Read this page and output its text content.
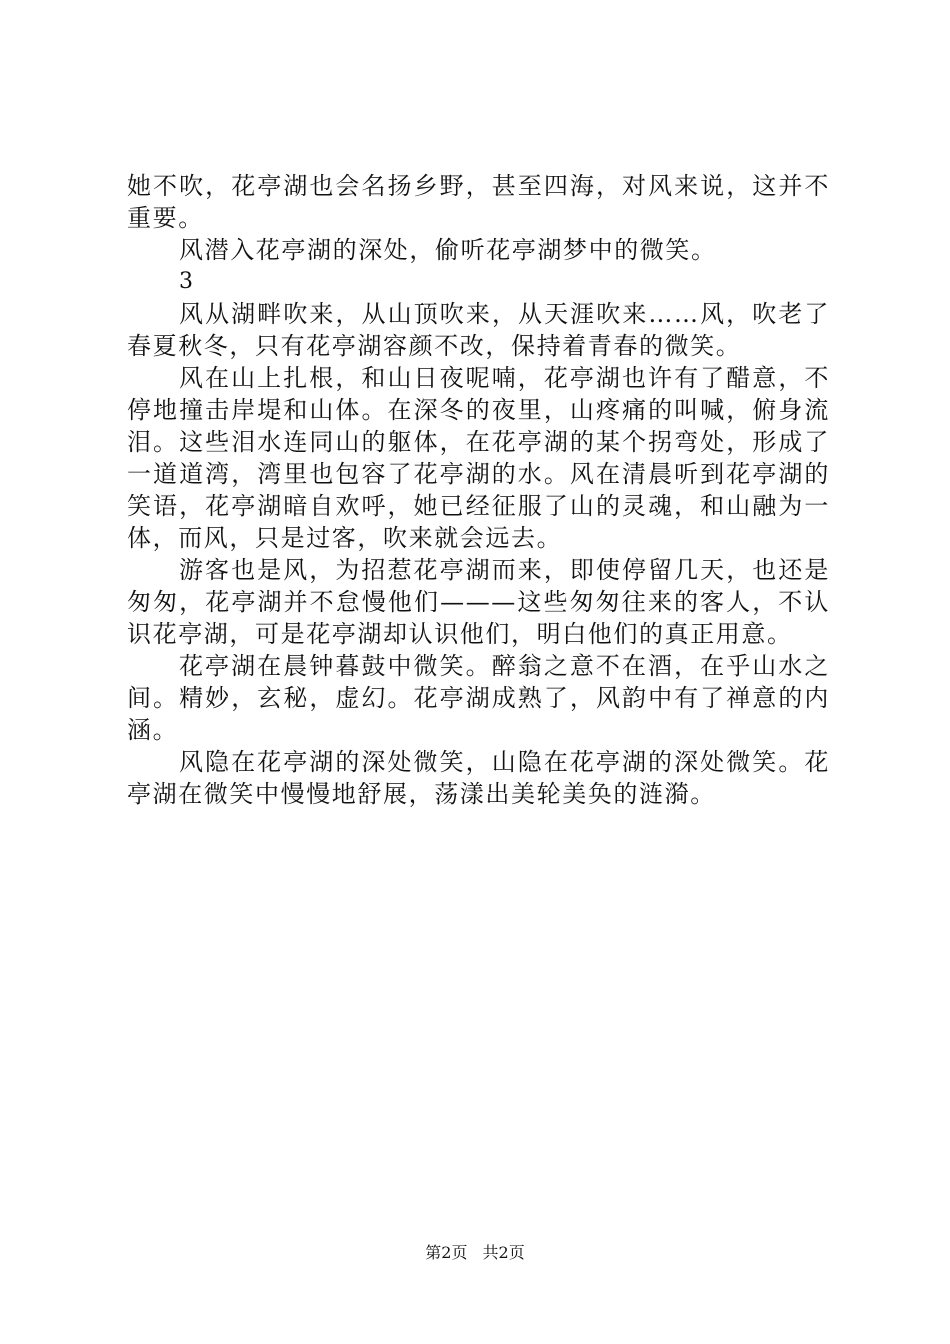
她不吹，花亭湖也会名扬乡野，甚至四海，对风来说，这并不重要。

风潜入花亭湖的深处，偷听花亭湖梦中的微笑。

3

风从湖畔吹来，从山顶吹来，从天涯吹来……风，吹老了春夏秋冬，只有花亭湖容颜不改，保持着青春的微笑。

风在山上扎根，和山日夜呢喃，花亭湖也许有了醋意，不停地撞击岸堤和山体。在深冬的夜里，山疼痛的叫喊，俯身流泪。这些泪水连同山的躯体，在花亭湖的某个拐弯处，形成了一道道湾，湾里也包容了花亭湖的水。风在清晨听到花亭湖的笑语，花亭湖暗自欢呼，她已经征服了山的灵魂，和山融为一体，而风，只是过客，吹来就会远去。

游客也是风，为招惹花亭湖而来，即使停留几天，也还是匆匆，花亭湖并不怠慢他们———这些匆匆往来的客人，不认识花亭湖，可是花亭湖却认识他们，明白他们的真正用意。

花亭湖在晨钟暮鼓中微笑。醉翁之意不在酒，在乎山水之间。精妙，玄秘，虚幻。花亭湖成熟了，风韵中有了禅意的内涵。

风隐在花亭湖的深处微笑，山隐在花亭湖的深处微笑。花亭湖在微笑中慢慢地舒展，荡漾出美轮美奂的涟漪。

第2页 共2页
